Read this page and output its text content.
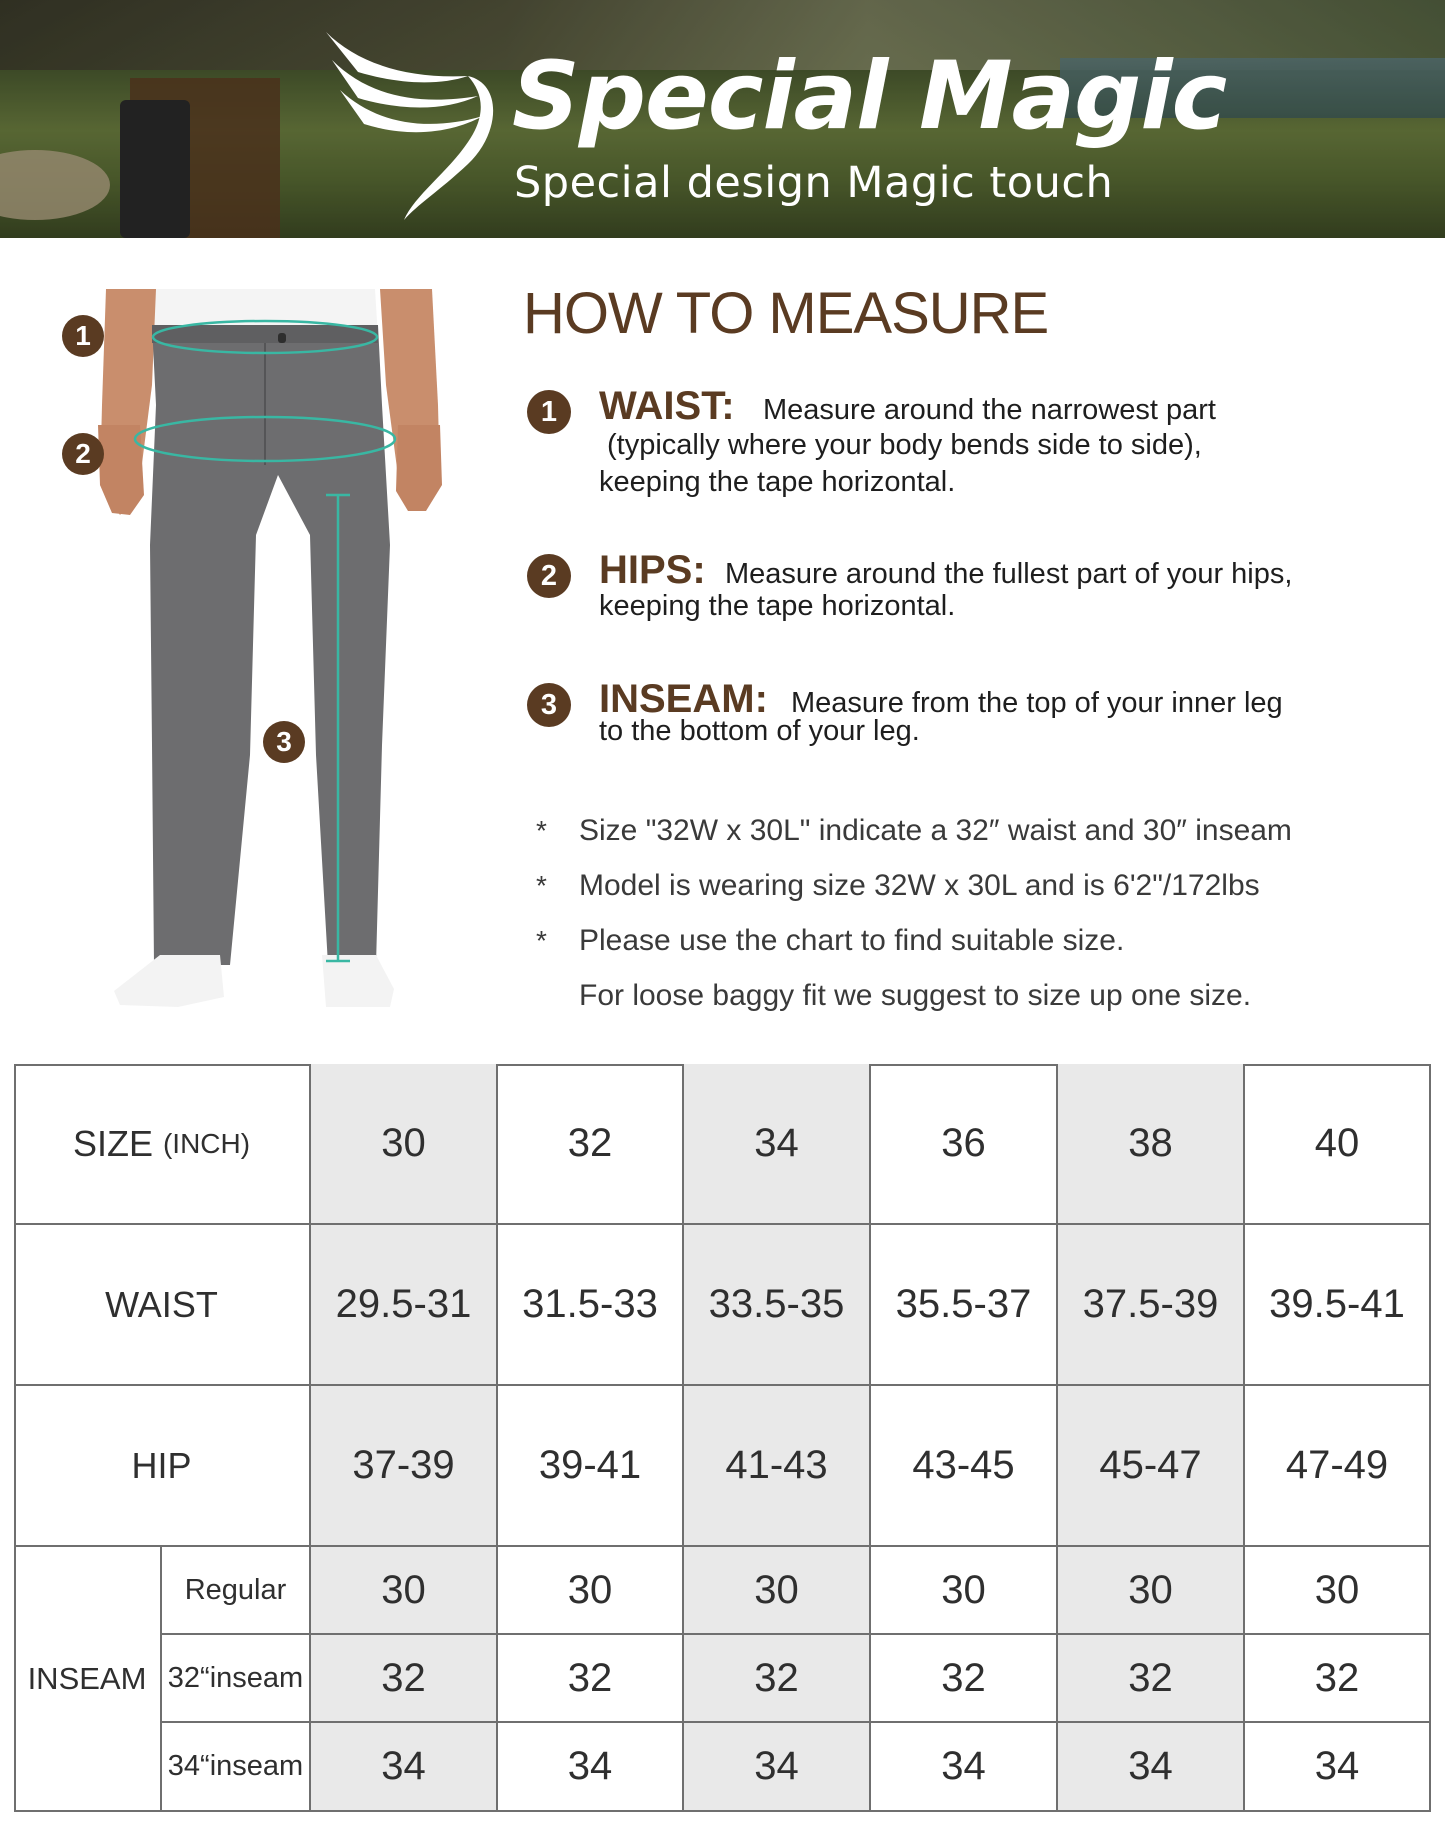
Special Magic
Special design Magic touch
1
2
3
HOW TO MEASURE
1	WAIST: Measure around the narrowest part
(typically where your body bends side to side),
keeping the tape horizontal.
2	HIPS: Measure around the fullest part of your hips,
keeping the tape horizontal.
3	INSEAM: Measure from the top of your inner leg
to the bottom of your leg.
* Size "32W x 30L" indicate a 32″ waist and 30″ inseam
* Model is wearing size 32W x 30L and is 6'2"/172lbs
* Please use the chart to find suitable size.
For loose baggy fit we suggest to size up one size.
SIZE
(INCH)	30	32	34	36	38	40
WAIST	29.5-31	31.5-33	33.5-35	35.5-37	37.5-39	39.5-41
HIP	37-39	39-41	41-43	43-45	45-47	47-49
INSEAM
Regular	30	30	30	30	30	30
32“inseam	32	32	32	32	32	32
34“inseam	34	34	34	34	34	34
